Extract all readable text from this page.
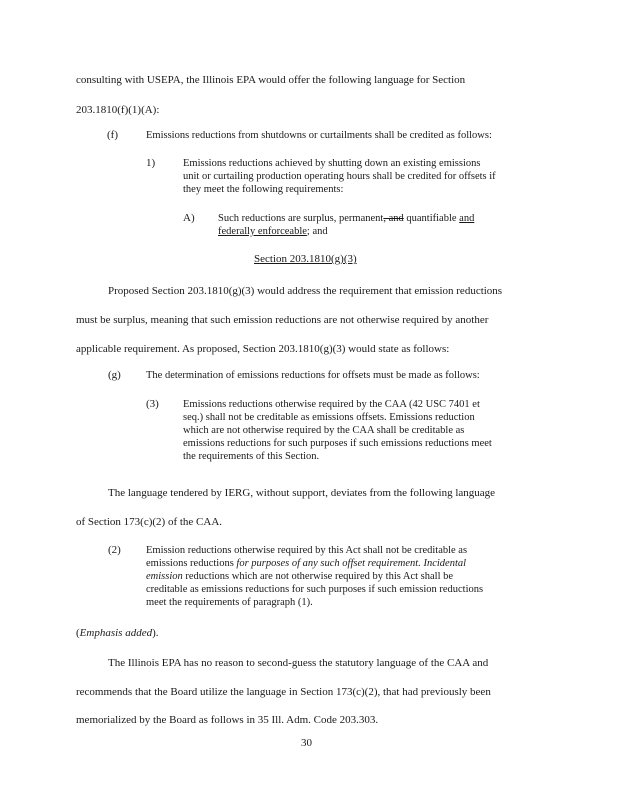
consulting with USEPA, the Illinois EPA would offer the following language for Section

203.1810(f)(1)(A):

(f)	Emissions reductions from shutdowns or curtailments shall be credited as follows:

1)	Emissions reductions achieved by shutting down an existing emissions

unit or curtailing production operating hours shall be credited for offsets if

they meet the following requirements:

A) Such reductions are surplus, permanent, and quantifiable and

federally enforceable; and

Section 203.1810(g)(3)

Proposed Section 203.1810(g)(3) would address the requirement that emission reductions

must be surplus, meaning that such emission reductions are not otherwise required by another

applicable requirement. As proposed, Section 203.1810(g)(3) would state as follows:

(g) The determination of emissions reductions for offsets must be made as follows:

(3) Emissions reductions otherwise required by the CAA (42 USC 7401 et

seq.) shall not be creditable as emissions offsets. Emissions reduction

which are not otherwise required by the CAA shall be creditable as

emissions reductions for such purposes if such emissions reductions meet

the requirements of this Section.

The language tendered by IERG, without support, deviates from the following language

of Section 173(c)(2) of the CAA.

(2) Emission reductions otherwise required by this Act shall not be creditable as

emissions reductions for purposes of any such offset requirement. Incidental

emission reductions which are not otherwise required by this Act shall be

creditable as emissions reductions for such purposes if such emission reductions

meet the requirements of paragraph (1).

(Emphasis added).

The Illinois EPA has no reason to second-guess the statutory language of the CAA and

recommends that the Board utilize the language in Section 173(c)(2), that had previously been

memorialized by the Board as follows in 35 Ill. Adm. Code 203.303.

30
